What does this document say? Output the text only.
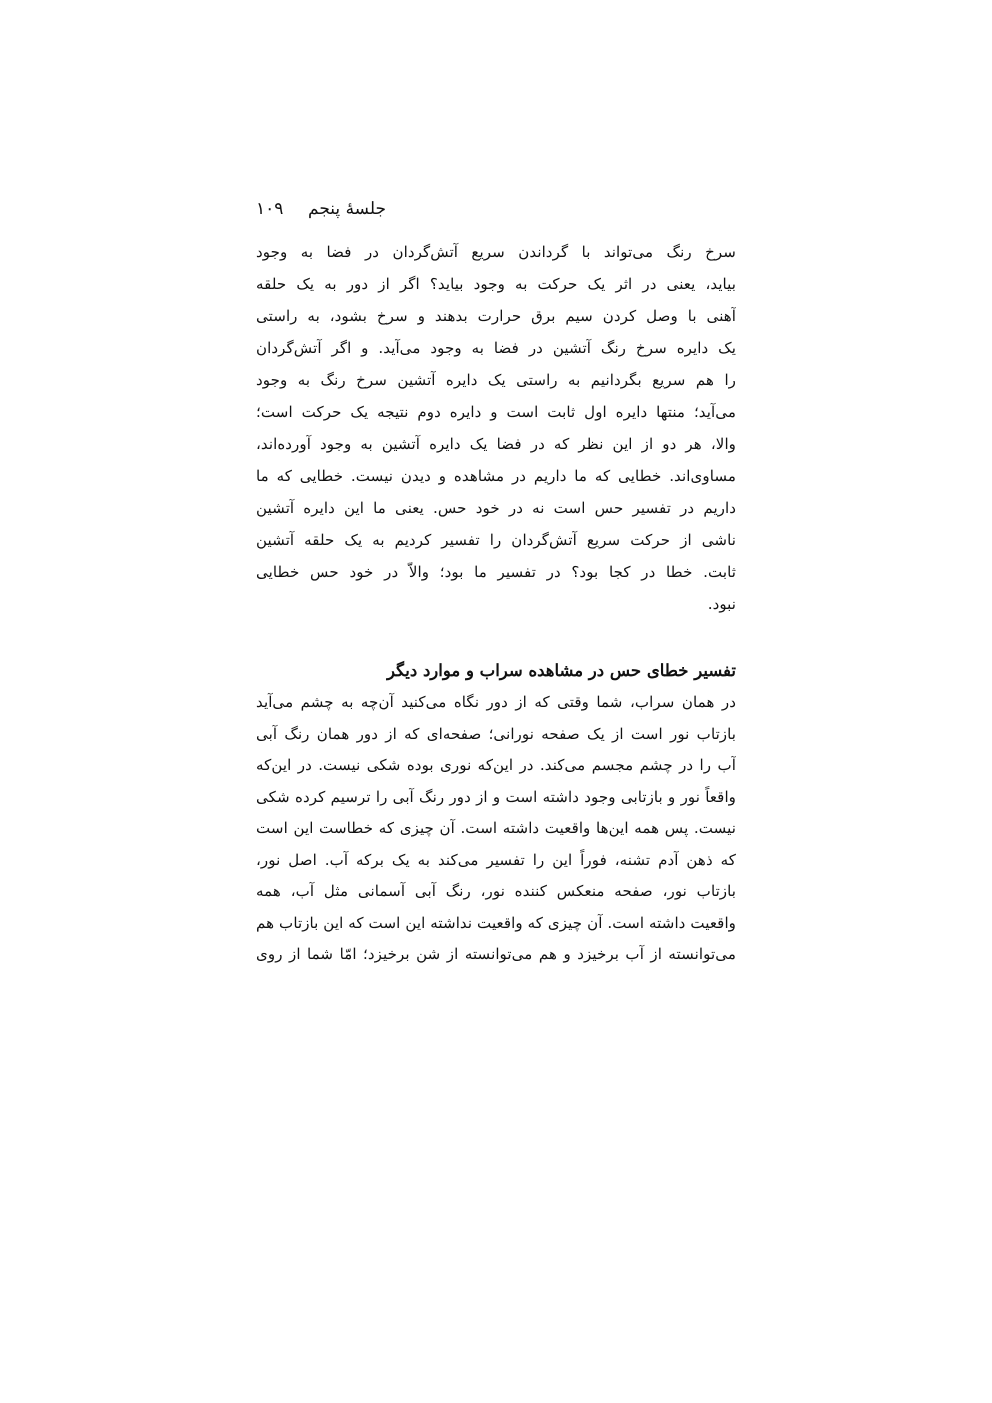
جلسهٔ پنجم
۱۰۹
سرخ رنگ می‌تواند با گرداندن سریع آتش‌گردان در فضا به وجود
بیاید، یعنی در اثر یک حرکت به وجود بیاید؟ اگر از دور به یک حلقه
آهنی با وصل کردن سیم برق حرارت بدهند و سرخ بشود، به راستی
یک دایره سرخ رنگ آتشین در فضا به وجود می‌آید. و اگر آتش‌گردان
را هم سریع بگردانیم به راستی یک دایره آتشین سرخ رنگ به وجود
می‌آید؛ منتها دایره اول ثابت است و دایره دوم نتیجه یک حرکت است؛
والا، هر دو از این نظر که در فضا یک دایره آتشین به وجود آورده‌اند،
مساوی‌اند. خطایی که ما داریم در مشاهده و دیدن نیست. خطایی که ما
داریم در تفسیر حس است نه در خود حس. یعنی ما این دایره آتشین
ناشی از حرکت سریع آتش‌گردان را تفسیر کردیم به یک حلقه آتشین
ثابت. خطا در کجا بود؟ در تفسیر ما بود؛ والاّ در خود حس خطایی
نبود.
تفسیر خطای حس در مشاهده سراب و موارد دیگر
در همان سراب، شما وقتی که از دور نگاه می‌کنید آن‌چه به چشم می‌آید
بازتاب نور است از یک صفحه نورانی؛ صفحه‌ای که از دور همان رنگ آبی
آب را در چشم مجسم می‌کند. در این‌که نوری بوده شکی نیست. در این‌که
واقعاً نور و بازتابی وجود داشته است و از دور رنگ آبی را ترسیم کرده شکی
نیست. پس همه این‌ها واقعیت داشته است. آن چیزی که خطاست این است
که ذهن آدم تشنه، فوراً این را تفسیر می‌کند به یک برکه آب. اصل نور،
بازتاب نور، صفحه منعکس کننده نور، رنگ آبی آسمانی مثل آب، همه
واقعیت داشته است. آن چیزی که واقعیت نداشته این است که این بازتاب هم
می‌توانسته از آب برخیزد و هم می‌توانسته از شن برخیزد؛ امّا شما از روی
